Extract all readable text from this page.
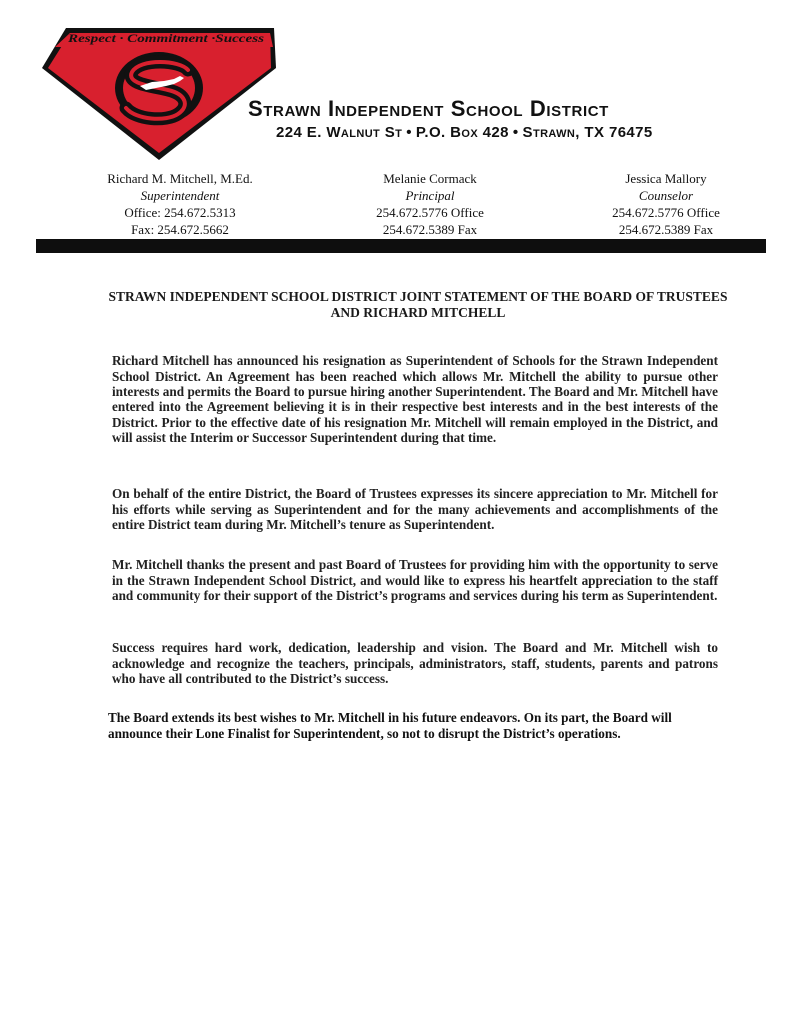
Respect · Commitment ·Success
Strawn Independent School District
224 E. Walnut St • P.O. Box 428 • Strawn, TX 76475
Richard M. Mitchell, M.Ed.
Superintendent
Office: 254.672.5313
Fax: 254.672.5662
Melanie Cormack
Principal
254.672.5776 Office
254.672.5389 Fax
Jessica Mallory
Counselor
254.672.5776 Office
254.672.5389 Fax
STRAWN INDEPENDENT SCHOOL DISTRICT JOINT STATEMENT OF THE BOARD OF TRUSTEES AND RICHARD MITCHELL

Richard Mitchell has announced his resignation as Superintendent of Schools for the Strawn Independent School District. An Agreement has been reached which allows Mr. Mitchell the ability to pursue other interests and permits the Board to pursue hiring another Superintendent. The Board and Mr. Mitchell have entered into the Agreement believing it is in their respective best interests and in the best interests of the District. Prior to the effective date of his resignation Mr. Mitchell will remain employed in the District, and will assist the Interim or Successor Superintendent during that time.

On behalf of the entire District, the Board of Trustees expresses its sincere appreciation to Mr. Mitchell for his efforts while serving as Superintendent and for the many achievements and accomplishments of the entire District team during Mr. Mitchell’s tenure as Superintendent.

Mr. Mitchell thanks the present and past Board of Trustees for providing him with the opportunity to serve in the Strawn Independent School District, and would like to express his heartfelt appreciation to the staff and community for their support of the District’s programs and services during his term as Superintendent.

Success requires hard work, dedication, leadership and vision. The Board and Mr. Mitchell wish to acknowledge and recognize the teachers, principals, administrators, staff, students, parents and patrons who have all contributed to the District’s success.

The Board extends its best wishes to Mr. Mitchell in his future endeavors. On its part, the Board will announce their Lone Finalist for Superintendent, so not to disrupt the District’s operations.
